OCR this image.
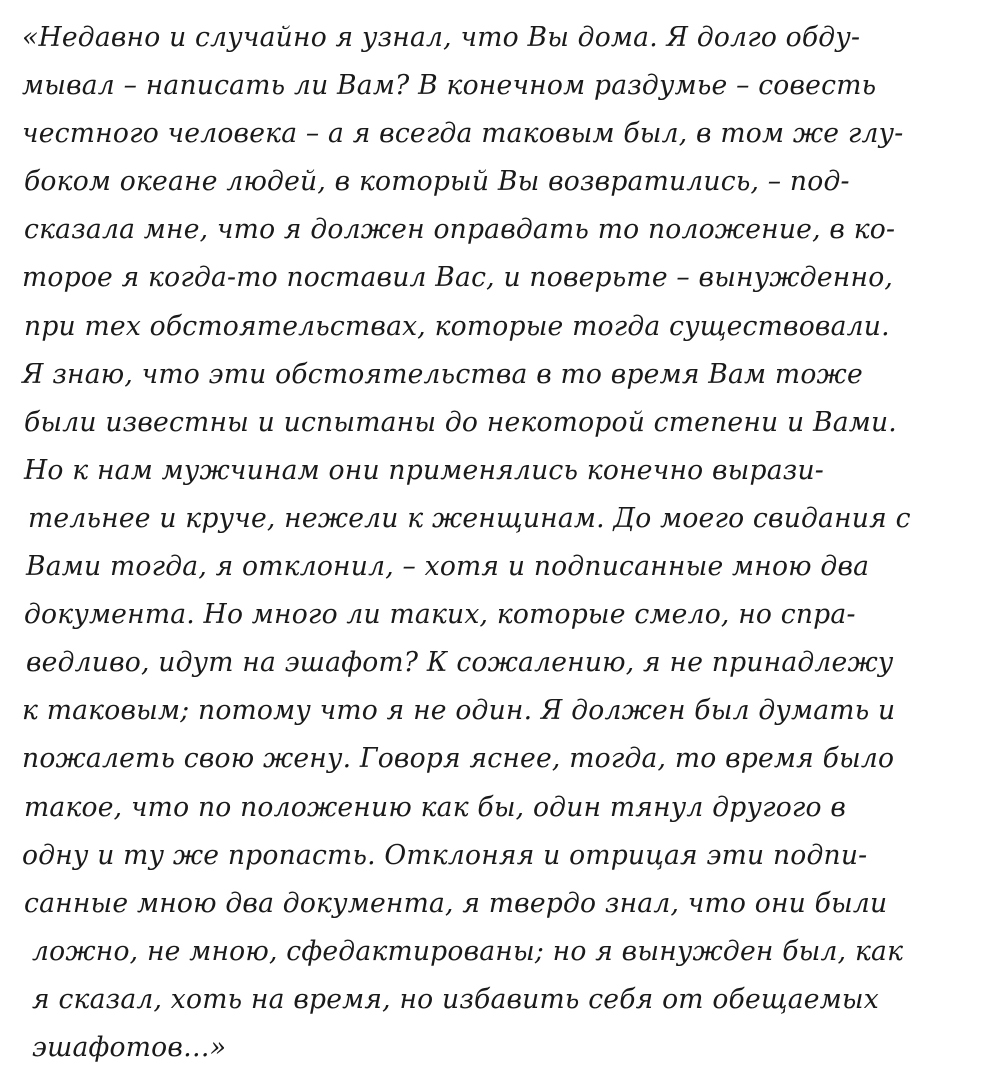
«Недавно и случайно я узнал, что Вы дома. Я долго обду-
мывал – написать ли Вам? В конечном раздумье – совесть
честного человека – а я всегда таковым был, в том же глу-
боком океане людей, в который Вы возвратились, – под-
сказала мне, что я должен оправдать то положение, в ко-
торое я когда-то поставил Вас, и поверьте – вынужденно,
при тех обстоятельствах, которые тогда существовали.
Я знаю, что эти обстоятельства в то время Вам тоже
были известны и испытаны до некоторой степени и Вами.
Но к нам мужчинам они применялись конечно вырази-
тельнее и круче, нежели к женщинам. До моего свидания с
Вами тогда, я отклонил, – хотя и подписанные мною два
документа. Но много ли таких, которые смело, но спра-
ведливо, идут на эшафот? К сожалению, я не принадлежу
к таковым; потому что я не один. Я должен был думать и
пожалеть свою жену. Говоря яснее, тогда, то время было
такое, что по положению как бы, один тянул другого в
одну и ту же пропасть. Отклоняя и отрицая эти подпи-
санные мною два документа, я твердо знал, что они были
ложно, не мною, сфедактированы; но я вынужден был, как
я сказал, хоть на время, но избавить себя от обещаемых
эшафотов…»
